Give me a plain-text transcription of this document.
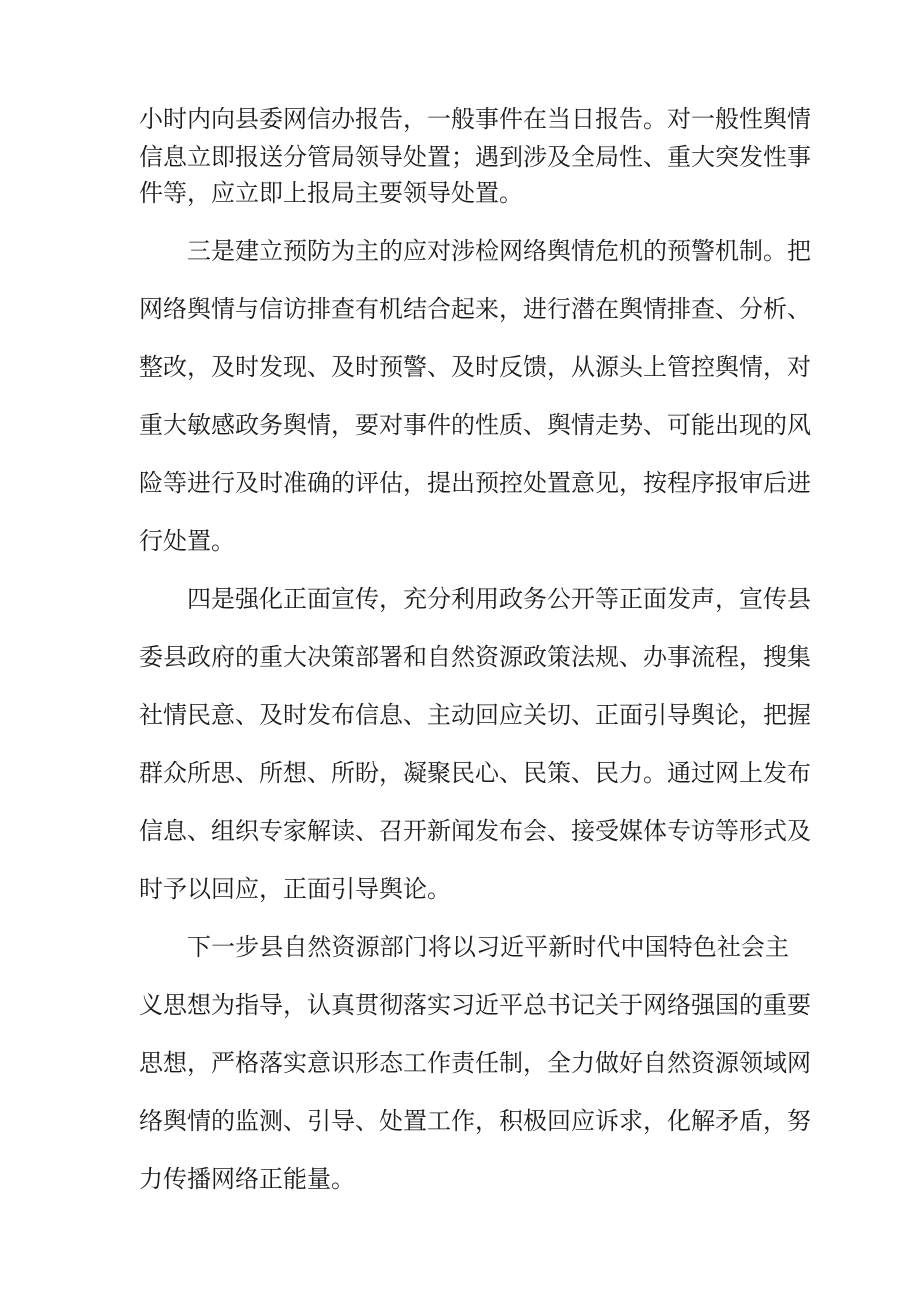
小时内向县委网信办报告，一般事件在当日报告。对一般性舆情
信息立即报送分管局领导处置；遇到涉及全局性、重大突发性事
件等，应立即上报局主要领导处置。
三是建立预防为主的应对涉检网络舆情危机的预警机制。把
网络舆情与信访排查有机结合起来，进行潜在舆情排查、分析、
整改，及时发现、及时预警、及时反馈，从源头上管控舆情，对
重大敏感政务舆情，要对事件的性质、舆情走势、可能出现的风
险等进行及时准确的评估，提出预控处置意见，按程序报审后进
行处置。
四是强化正面宣传，充分利用政务公开等正面发声，宣传县
委县政府的重大决策部署和自然资源政策法规、办事流程，搜集
社情民意、及时发布信息、主动回应关切、正面引导舆论，把握
群众所思、所想、所盼，凝聚民心、民策、民力。通过网上发布
信息、组织专家解读、召开新闻发布会、接受媒体专访等形式及
时予以回应，正面引导舆论。
下一步县自然资源部门将以习近平新时代中国特色社会主
义思想为指导，认真贯彻落实习近平总书记关于网络强国的重要
思想，严格落实意识形态工作责任制，全力做好自然资源领域网
络舆情的监测、引导、处置工作，积极回应诉求，化解矛盾，努
力传播网络正能量。
